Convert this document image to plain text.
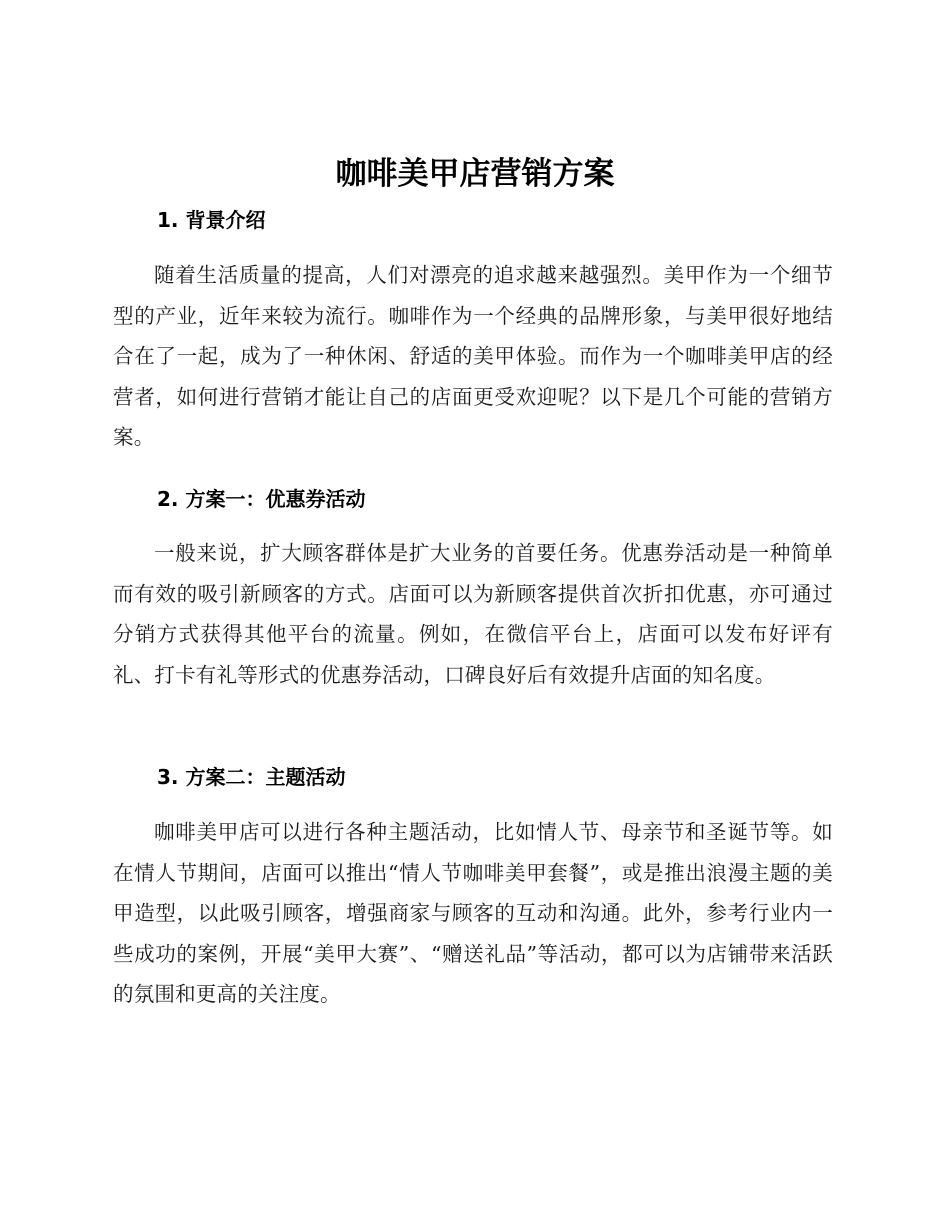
咖啡美甲店营销方案
1. 背景介绍

随着生活质量的提高，人们对漂亮的追求越来越强烈。美甲作为一个细节型的产业，近年来较为流行。咖啡作为一个经典的品牌形象，与美甲很好地结合在了一起，成为了一种休闲、舒适的美甲体验。而作为一个咖啡美甲店的经营者，如何进行营销才能让自己的店面更受欢迎呢？以下是几个可能的营销方案。

2. 方案一：优惠券活动

一般来说，扩大顾客群体是扩大业务的首要任务。优惠券活动是一种简单而有效的吸引新顾客的方式。店面可以为新顾客提供首次折扣优惠，亦可通过分销方式获得其他平台的流量。例如，在微信平台上，店面可以发布好评有礼、打卡有礼等形式的优惠券活动，口碑良好后有效提升店面的知名度。

3. 方案二：主题活动

咖啡美甲店可以进行各种主题活动，比如情人节、母亲节和圣诞节等。如在情人节期间，店面可以推出“情人节咖啡美甲套餐”，或是推出浪漫主题的美甲造型，以此吸引顾客，增强商家与顾客的互动和沟通。此外，参考行业内一些成功的案例，开展“美甲大赛”、“赠送礼品”等活动，都可以为店铺带来活跃的氛围和更高的关注度。
